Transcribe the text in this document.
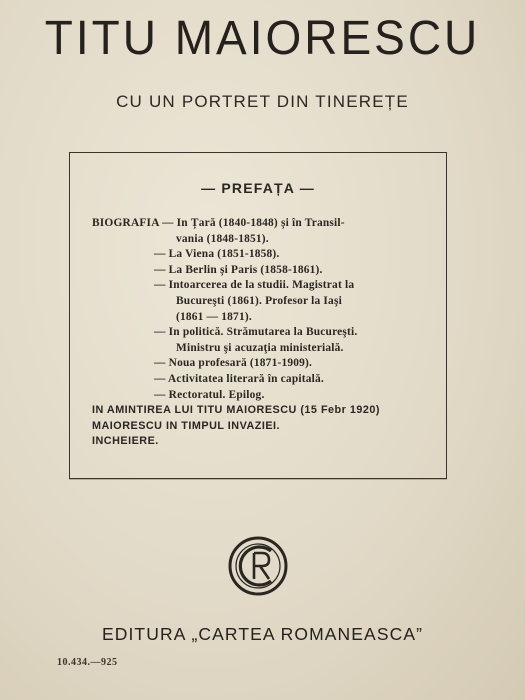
TITU MAIORESCU
CU UN PORTRET DIN TINEREȚE
— PREFAȚA —
BIOGRAFIA — In Țară (1840-1848) și în Transil-
vania (1848-1851).
— La Viena (1851-1858).
— La Berlin și Paris (1858-1861).
— Intoarcerea de la studii. Magistrat la
Bucureşti (1861). Profesor la Iaşi
(1861 — 1871).
— In politică. Strămutarea la Bucureşti.
Ministru şi acuzaţia ministerială.
— Noua profesară (1871-1909).
— Activitatea literară în capitală.
— Rectoratul. Epilog.
IN AMINTIREA LUI TITU MAIORESCU (15 Febr 1920)
MAIORESCU IN TIMPUL INVAZIEI.
INCHEIERE.
EDITURA „CARTEA ROMANEASCA”
10.434.—925
